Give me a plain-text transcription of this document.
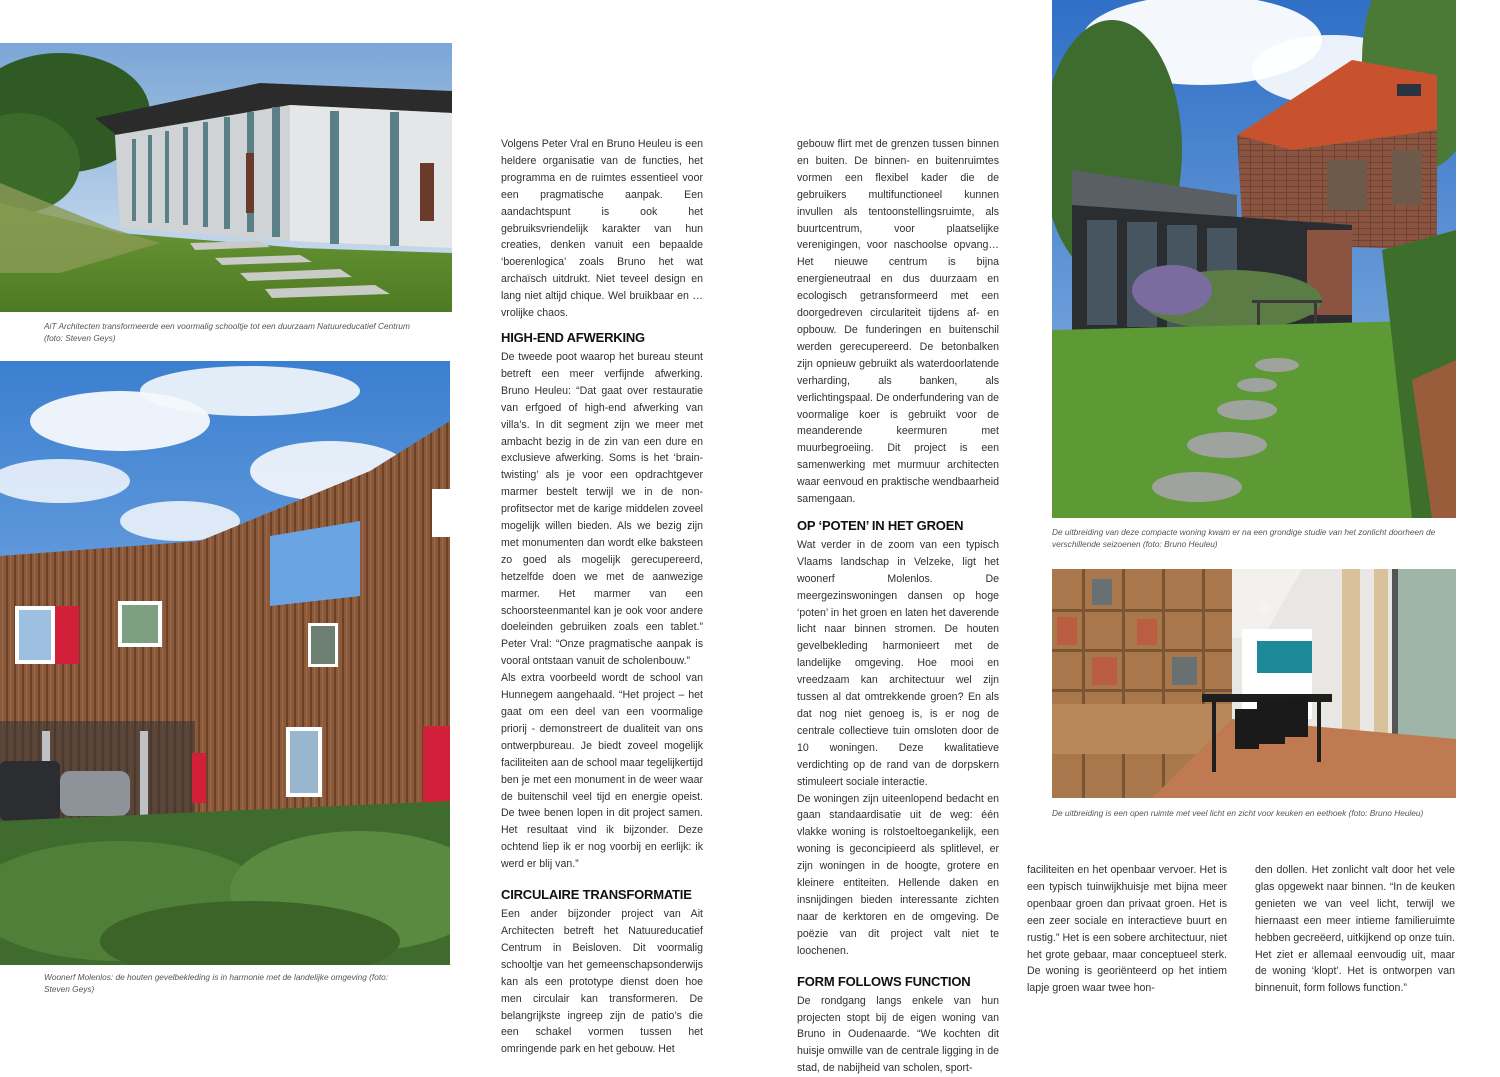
AiT Architecten transformeerde een voormalig schooltje tot een duurzaam Natuureducatief Centrum (foto: Steven Geys)
Woonerf Molenlos: de houten gevelbekleding is in harmonie met de landelijke omgeving (foto: Steven Geys)

Volgens Peter Vral en Bruno Heuleu is een heldere organisatie van de functies, het programma en de ruimtes essentieel voor een pragmatische aanpak. Een aandachtspunt is ook het gebruiksvriendelijk karakter van hun creaties, denken vanuit een bepaalde ‘boerenlogica’ zoals Bruno het wat archaïsch uitdrukt. Niet teveel design en lang niet altijd chique. Wel bruikbaar en … vrolijke chaos.

HIGH-END AFWERKING

De tweede poot waarop het bureau steunt betreft een meer verfijnde afwerking. Bruno Heuleu: “Dat gaat over restauratie van erfgoed of high-end afwerking van villa’s. In dit segment zijn we meer met ambacht bezig in de zin van een dure en exclusieve afwerking. Soms is het ‘brain-twisting’ als je voor een opdrachtgever marmer bestelt terwijl we in de non-profitsector met de karige middelen zoveel mogelijk willen bieden. Als we bezig zijn met monumenten dan wordt elke baksteen zo goed als mogelijk gerecupereerd, hetzelfde doen we met de aanwezige marmer. Het marmer van een schoorsteenmantel kan je ook voor andere doeleinden gebruiken zoals een tablet.” Peter Vral: “Onze pragmatische aanpak is vooral ontstaan vanuit de scholenbouw.”

Als extra voorbeeld wordt de school van Hunnegem aangehaald. “Het project – het gaat om een deel van een voormalige priorij - demonstreert de dualiteit van ons ontwerpbureau. Je biedt zoveel mogelijk faciliteiten aan de school maar tegelijkertijd ben je met een monument in de weer waar de buitenschil veel tijd en energie opeist. De twee benen lopen in dit project samen. Het resultaat vind ik bijzonder. Deze ochtend liep ik er nog voorbij en eerlijk: ik werd er blij van.”

CIRCULAIRE TRANSFORMATIE

Een ander bijzonder project van Ait Architecten betreft het Natuureducatief Centrum in Beisloven. Dit voormalig schooltje van het gemeenschapsonderwijs kan als een prototype dienst doen hoe men circulair kan transformeren. De belangrijkste ingreep zijn de patio’s die een schakel vormen tussen het omringende park en het gebouw. Het

gebouw flirt met de grenzen tussen binnen en buiten. De binnen- en buitenruimtes vormen een flexibel kader die de gebruikers multifunctioneel kunnen invullen als tentoonstellingsruimte, als buurtcentrum, voor plaatselijke verenigingen, voor naschoolse opvang… Het nieuwe centrum is bijna energieneutraal en dus duurzaam en ecologisch getransformeerd met een doorgedreven circulariteit tijdens af- en opbouw. De funderingen en buitenschil werden gerecupereerd. De betonbalken zijn opnieuw gebruikt als waterdoorlatende verharding, als banken, als verlichtingspaal. De onderfundering van de voormalige koer is gebruikt voor de meanderende keermuren met muurbegroeiing. Dit project is een samenwerking met murmuur architecten waar eenvoud en praktische wendbaarheid samengaan.

OP ‘POTEN’ IN HET GROEN

Wat verder in de zoom van een typisch Vlaams landschap in Velzeke, ligt het woonerf Molenlos. De meergezinswoningen dansen op hoge ‘poten’ in het groen en laten het daverende licht naar binnen stromen. De houten gevelbekleding harmonieert met de landelijke omgeving. Hoe mooi en vreedzaam kan architectuur wel zijn tussen al dat omtrekkende groen? En als dat nog niet genoeg is, is er nog de centrale collectieve tuin omsloten door de 10 woningen. Deze kwalitatieve verdichting op de rand van de dorpskern stimuleert sociale interactie.

De woningen zijn uiteenlopend bedacht en gaan standaardisatie uit de weg: één vlakke woning is rolstoeltoegankelijk, een woning is geconcipieerd als splitlevel, er zijn woningen in de hoogte, grotere en kleinere entiteiten. Hellende daken en insnijdingen bieden interessante zichten naar de kerktoren en de omgeving. De poëzie van dit project valt niet te loochenen.

FORM FOLLOWS FUNCTION

De rondgang langs enkele van hun projecten stopt bij de eigen woning van Bruno in Oudenaarde. “We kochten dit huisje omwille van de centrale ligging in de stad, de nabijheid van scholen, sport-

De uitbreiding van deze compacte woning kwam er na een grondige studie van het zonlicht doorheen de verschillende seizoenen (foto: Bruno Heuleu)
De uitbreiding is een open ruimte met veel licht en zicht voor keuken en eethoek (foto: Bruno Heuleu)

faciliteiten en het openbaar vervoer. Het is een typisch tuinwijkhuisje met bijna meer openbaar groen dan privaat groen. Het is een zeer sociale en interactieve buurt en rustig.” Het is een sobere architectuur, niet het grote gebaar, maar conceptueel sterk. De woning is georiënteerd op het intiem lapje groen waar twee hon-

den dollen. Het zonlicht valt door het vele glas opgewekt naar binnen. “In de keuken genieten we van veel licht, terwijl we hiernaast een meer intieme familieruimte hebben gecreëerd, uitkijkend op onze tuin. Het ziet er allemaal eenvoudig uit, maar de woning ‘klopt’. Het is ontworpen van binnenuit, form follows function.”
